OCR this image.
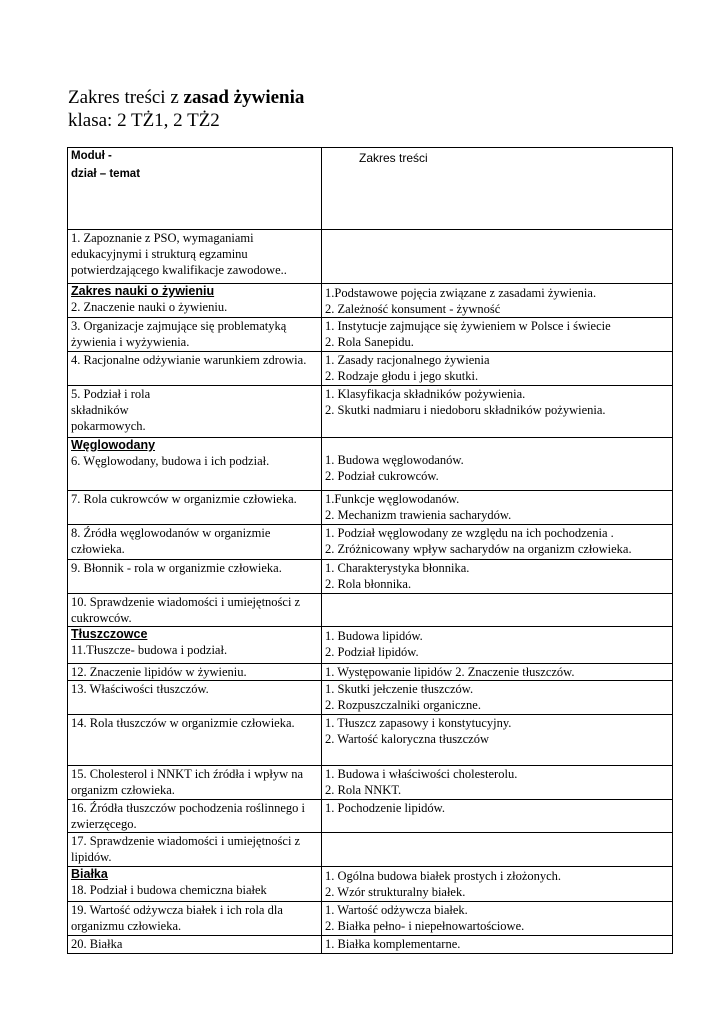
Zakres treści z zasad żywienia
klasa: 2 TŻ1, 2 TŻ2
Moduł -
dział – temat	Zakres treści

1. Zapoznanie z PSO, wymaganiami edukacyjnymi i strukturą egzaminu potwierdzającego kwalifikacje zawodowe..	

Zakres nauki o żywieniu
2. Znaczenie nauki o żywieniu.	1.Podstawowe pojęcia związane z zasadami żywienia.
2. Zależność konsument - żywność

3. Organizacje zajmujące się problematyką żywienia i wyżywienia.	1. Instytucje zajmujące się żywieniem w Polsce i świecie
2. Rola Sanepidu.

4. Racjonalne odżywianie warunkiem zdrowia.	1. Zasady racjonalnego żywienia
2. Rodzaje głodu i jego skutki.

5. Podział i rola
składników
pokarmowych.	1. Klasyfikacja składników pożywienia.
2. Skutki nadmiaru i niedoboru składników pożywienia.

Węglowodany
6. Węglowodany, budowa i ich podział.	1. Budowa węglowodanów.
2. Podział cukrowców.

7. Rola cukrowców w organizmie człowieka.	1.Funkcje węglowodanów.
2. Mechanizm trawienia sacharydów.

8. Źródła węglowodanów w organizmie człowieka.	1. Podział węglowodany ze względu na ich pochodzenia .
2. Zróżnicowany wpływ sacharydów na organizm człowieka.

9. Błonnik - rola w organizmie człowieka.	1. Charakterystyka błonnika.
2. Rola błonnika.

10. Sprawdzenie wiadomości i umiejętności z cukrowców.	

Tłuszczowce
11.Tłuszcze- budowa i podział.	1. Budowa lipidów.
2. Podział lipidów.

12. Znaczenie lipidów w żywieniu.	1. Występowanie lipidów 2. Znaczenie tłuszczów.

13. Właściwości tłuszczów.	1. Skutki jełczenie tłuszczów.
2. Rozpuszczalniki organiczne.

14. Rola tłuszczów w organizmie człowieka.	1. Tłuszcz zapasowy i konstytucyjny.
2. Wartość kaloryczna tłuszczów

15. Cholesterol i NNKT ich źródła i wpływ na organizm człowieka.	1. Budowa i właściwości cholesterolu.
2. Rola NNKT.

16. Źródła tłuszczów pochodzenia roślinnego i zwierzęcego.	1. Pochodzenie lipidów.

17. Sprawdzenie wiadomości i umiejętności z lipidów.	

Białka
18. Podział i budowa chemiczna białek	1. Ogólna budowa białek prostych i złożonych.
2. Wzór strukturalny białek.

19. Wartość odżywcza białek i ich rola dla organizmu człowieka.	1. Wartość odżywcza białek.
2. Białka pełno- i niepełnowartościowe.

20. Białka	1. Białka komplementarne.
